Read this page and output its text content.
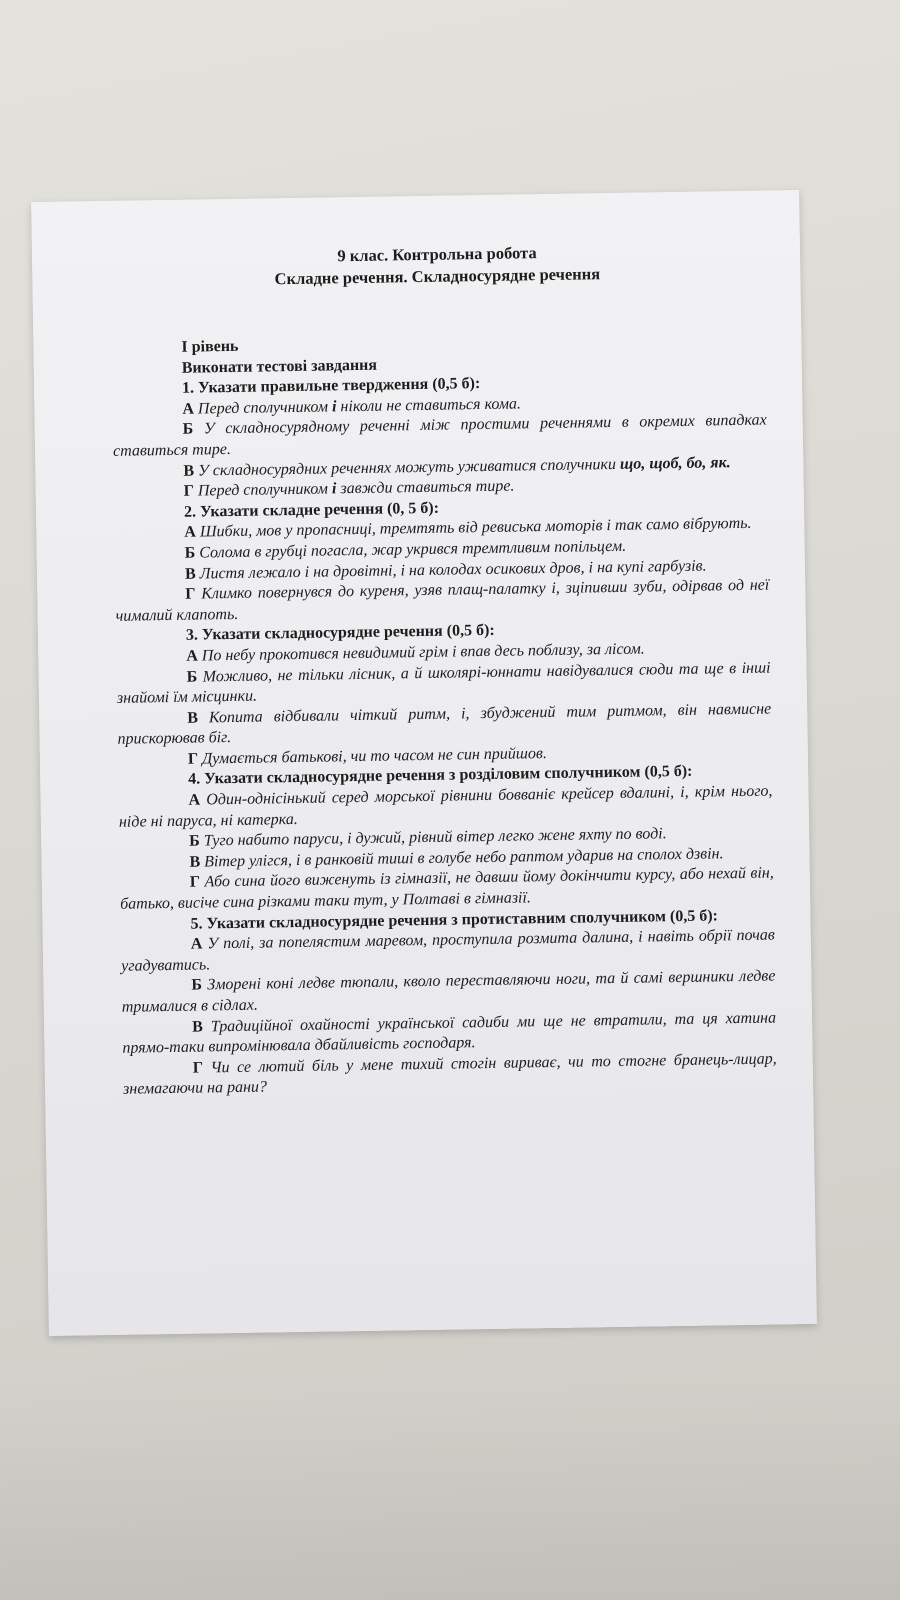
9 клас. Контрольна робота
Складне речення. Складносурядне речення
І рівень
Виконати тестові завдання
1. Указати правильне твердження (0,5 б):
А Перед сполучником і ніколи не ставиться кома.
Б У складносурядному реченні між простими реченнями в окремих випадках ставиться тире.
В У складносурядних реченнях можуть уживатися сполучники що, щоб, бо, як.
Г Перед сполучником і завжди ставиться тире.
2. Указати складне речення (0, 5 б):
А Шибки, мов у пропасниці, тремтять від ревиська моторів і так само вібрують.
Б Солома в грубці погасла, жар укрився тремтливим попільцем.
В Листя лежало і на дровітні, і на колодах осикових дров, і на купі гарбузів.
Г Климко повернувся до куреня, узяв плащ-палатку і, зціпивши зуби, одірвав од неї чималий клапоть.
3. Указати складносурядне речення (0,5 б):
А По небу прокотився невидимий грім і впав десь поблизу, за лісом.
Б Можливо, не тільки лісник, а й школярі-юннати навідувалися сюди та ще в інші знайомі їм місцинки.
В Копита відбивали чіткий ритм, і, збуджений тим ритмом, він навмисне прискорював біг.
Г Думається батькові, чи то часом не син прийшов.
4. Указати складносурядне речення з розділовим сполучником (0,5 б):
А Один-однісінький серед морської рівнини бовваніє крейсер вдалині, і, крім нього, ніде ні паруса, ні катерка.
Б Туго набито паруси, і дужий, рівний вітер легко жене яхту по воді.
В Вітер улігся, і в ранковій тиші в голубе небо раптом ударив на сполох дзвін.
Г Або сина його виженуть із гімназії, не давши йому докінчити курсу, або нехай він, батько, висіче сина різками таки тут, у Полтаві в гімназії.
5. Указати складносурядне речення з протиставним сполучником (0,5 б):
А У полі, за попелястим маревом, проступила розмита далина, і навіть обрії почав угадуватись.
Б Зморені коні ледве тюпали, кволо переставляючи ноги, та й самі вершники ледве трималися в сідлах.
В Традиційної охайності української садиби ми ще не втратили, та ця хатина прямо-таки випромінювала дбайливість господаря.
Г Чи се лютий біль у мене тихий стогін вириває, чи то стогне бранець-лицар, знемагаючи на рани?
